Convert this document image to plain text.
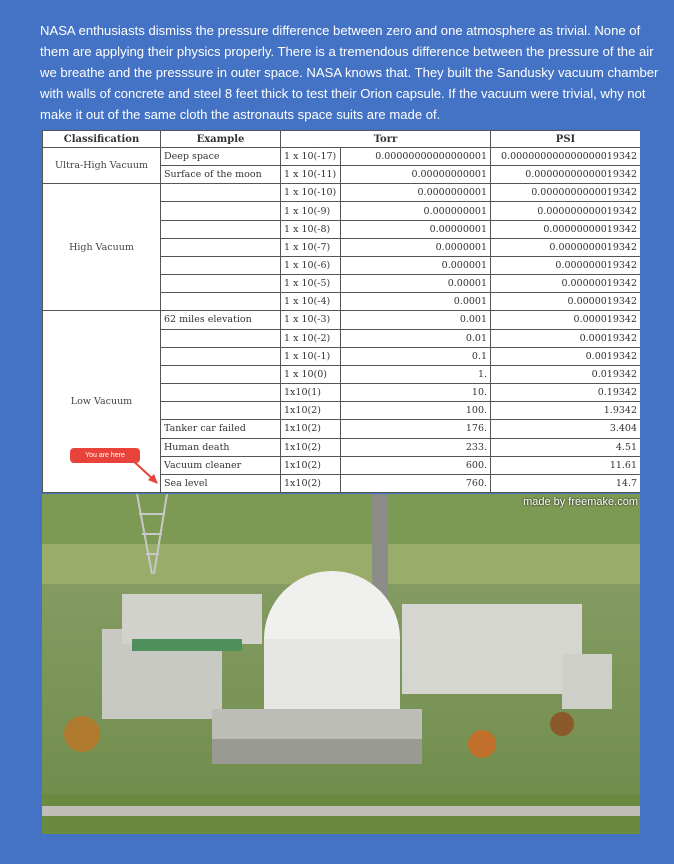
NASA enthusiasts dismiss the pressure difference between zero and one atmosphere as trivial. None of them are applying their physics properly. There is a tremendous difference between the pressure of the air we breathe and the presssure in outer space. NASA knows that. They built the Sandusky vacuum chamber with walls of concrete and steel 8 feet thick to test their Orion capsule. If the vacuum were trivial, why not make it out of the same cloth the astronauts space suits are made of.

Classification	Example	Torr		PSI
Ultra-High Vacuum	Deep space	1 x 10(-17)	0.00000000000000001	0.000000000000000019342
	Surface of the moon	1 x 10(-11)	0.00000000001	0.00000000000019342
High Vacuum		1 x 10(-10)	0.0000000001	0.0000000000019342
		1 x 10(-9)	0.000000001	0.000000000019342
		1 x 10(-8)	0.00000001	0.00000000019342
		1 x 10(-7)	0.0000001	0.0000000019342
		1 x 10(-6)	0.000001	0.000000019342
		1 x 10(-5)	0.00001	0.00000019342
		1 x 10(-4)	0.0001	0.0000019342
Low Vacuum	62 miles elevation	1 x 10(-3)	0.001	0.000019342
		1 x 10(-2)	0.01	0.00019342
		1 x 10(-1)	0.1	0.0019342
		1 x 10(0)	1.	0.019342
		1x10(1)	10.	0.19342
		1x10(2)	100.	1.9342
	Tanker car failed	1x10(2)	176.	3.404
	Human death	1x10(2)	233.	4.51
	Vacuum cleaner	1x10(2)	600.	11.61
	Sea level	1x10(2)	760.	14.7
You are here
made by freemake.com
